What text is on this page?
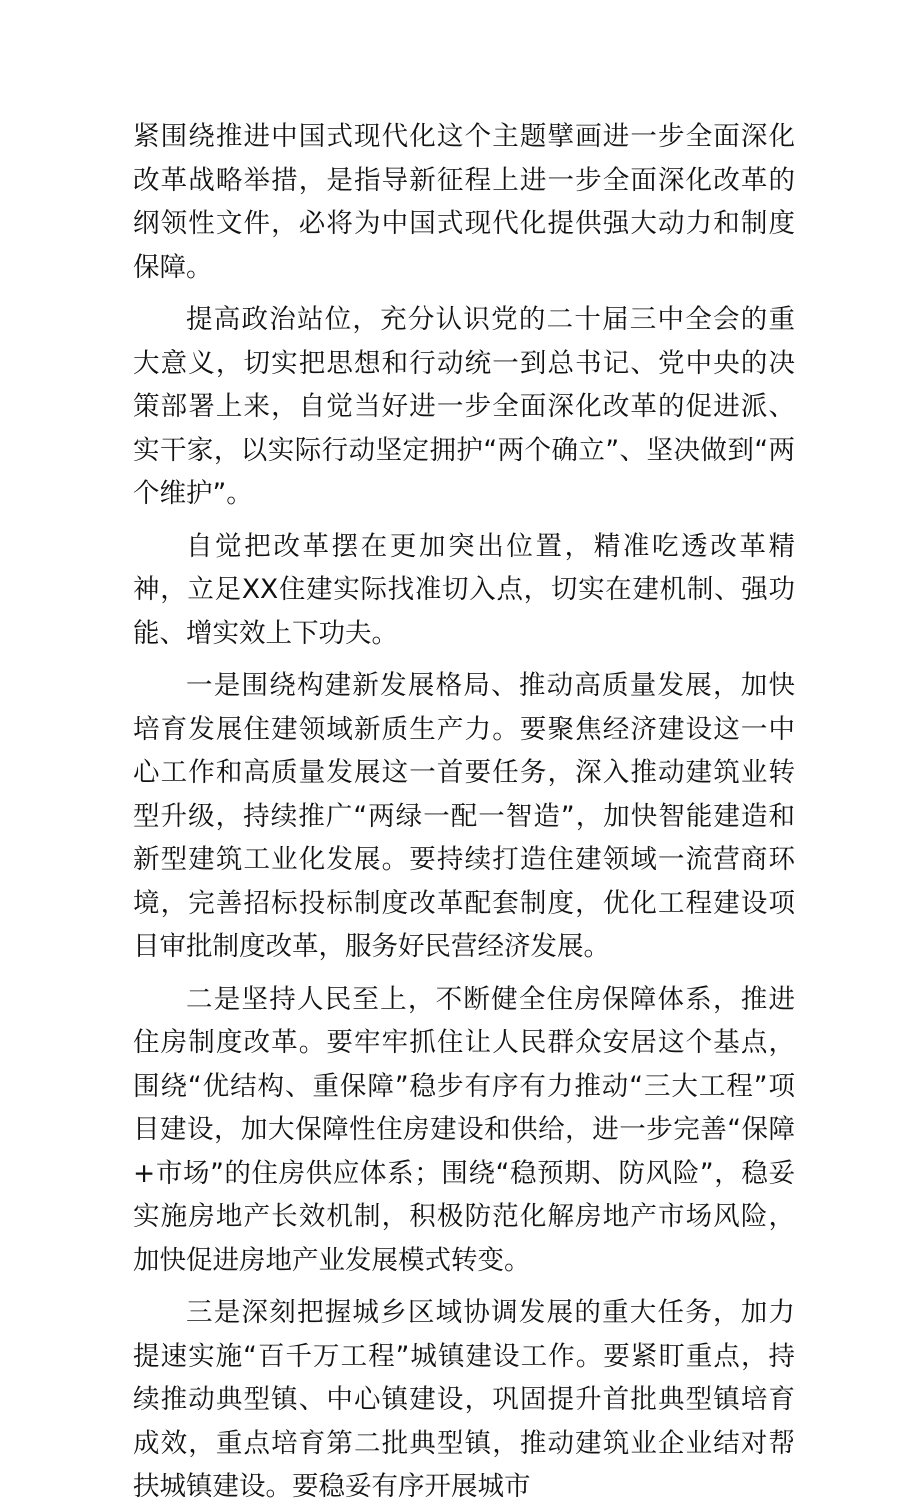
紧围绕推进中国式现代化这个主题擘画进一步全面深化改革战略举措，是指导新征程上进一步全面深化改革的纲领性文件，必将为中国式现代化提供强大动力和制度保障。

提高政治站位，充分认识党的二十届三中全会的重大意义，切实把思想和行动统一到总书记、党中央的决策部署上来，自觉当好进一步全面深化改革的促进派、实干家，以实际行动坚定拥护“两个确立”、坚决做到“两个维护”。

自觉把改革摆在更加突出位置，精准吃透改革精神，立足XX住建实际找准切入点，切实在建机制、强功能、增实效上下功夫。

一是围绕构建新发展格局、推动高质量发展，加快培育发展住建领域新质生产力。要聚焦经济建设这一中心工作和高质量发展这一首要任务，深入推动建筑业转型升级，持续推广“两绿一配一智造”，加快智能建造和新型建筑工业化发展。要持续打造住建领域一流营商环境，完善招标投标制度改革配套制度，优化工程建设项目审批制度改革，服务好民营经济发展。

二是坚持人民至上，不断健全住房保障体系，推进住房制度改革。要牢牢抓住让人民群众安居这个基点，围绕“优结构、重保障”稳步有序有力推动“三大工程”项目建设，加大保障性住房建设和供给，进一步完善“保障+市场”的住房供应体系；围绕“稳预期、防风险”，稳妥实施房地产长效机制，积极防范化解房地产市场风险，加快促进房地产业发展模式转变。

三是深刻把握城乡区域协调发展的重大任务，加力提速实施“百千万工程”城镇建设工作。要紧盯重点，持续推动典型镇、中心镇建设，巩固提升首批典型镇培育成效，重点培育第二批典型镇，推动建筑业企业结对帮扶城镇建设。要稳妥有序开展城市
